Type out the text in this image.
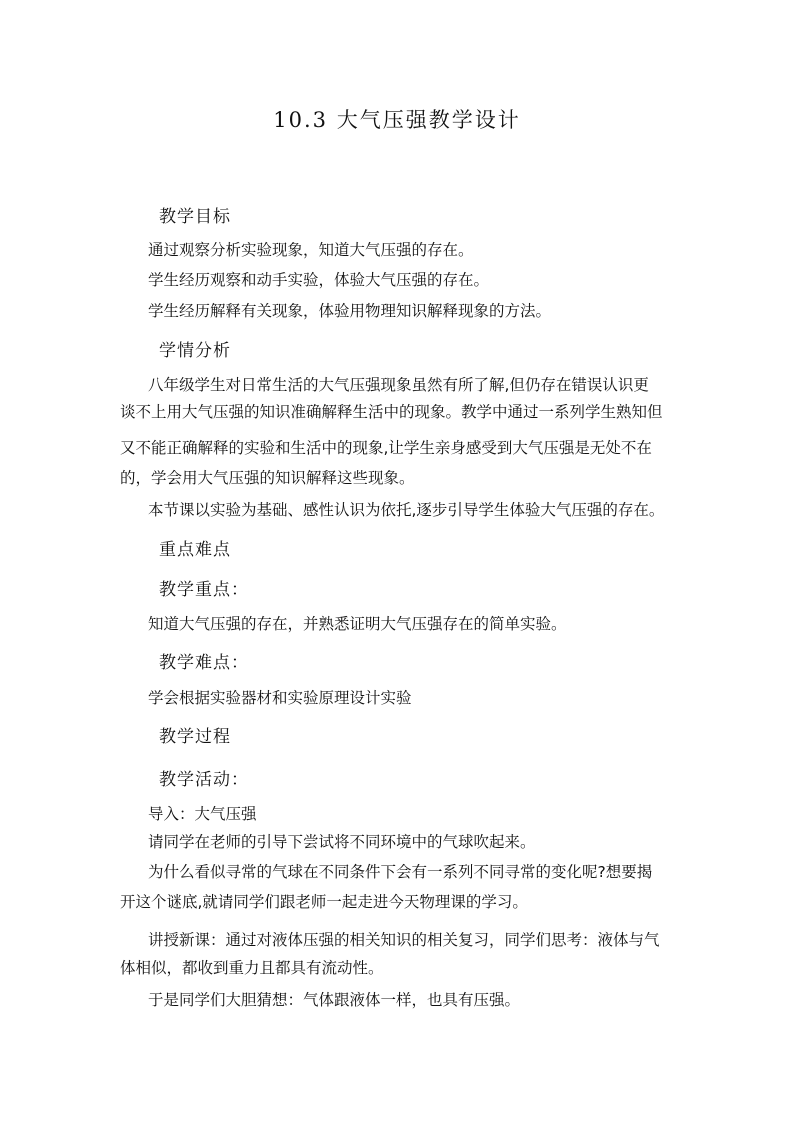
10.3 大气压强教学设计
教学目标
通过观察分析实验现象，知道大气压强的存在。
学生经历观察和动手实验，体验大气压强的存在。
学生经历解释有关现象，体验用物理知识解释现象的方法。
学情分析
八年级学生对日常生活的大气压强现象虽然有所了解,但仍存在错误认识更
谈不上用大气压强的知识准确解释生活中的现象。教学中通过一系列学生熟知但
又不能正确解释的实验和生活中的现象,让学生亲身感受到大气压强是无处不在
的，学会用大气压强的知识解释这些现象。
本节课以实验为基础、感性认识为依托,逐步引导学生体验大气压强的存在。
重点难点
教学重点：
知道大气压强的存在，并熟悉证明大气压强存在的简单实验。
教学难点：
学会根据实验器材和实验原理设计实验
教学过程
教学活动：
导入：大气压强
请同学在老师的引导下尝试将不同环境中的气球吹起来。
为什么看似寻常的气球在不同条件下会有一系列不同寻常的变化呢?想要揭
开这个谜底,就请同学们跟老师一起走进今天物理课的学习。
讲授新课：通过对液体压强的相关知识的相关复习，同学们思考：液体与气
体相似，都收到重力且都具有流动性。
于是同学们大胆猜想：气体跟液体一样，也具有压强。
